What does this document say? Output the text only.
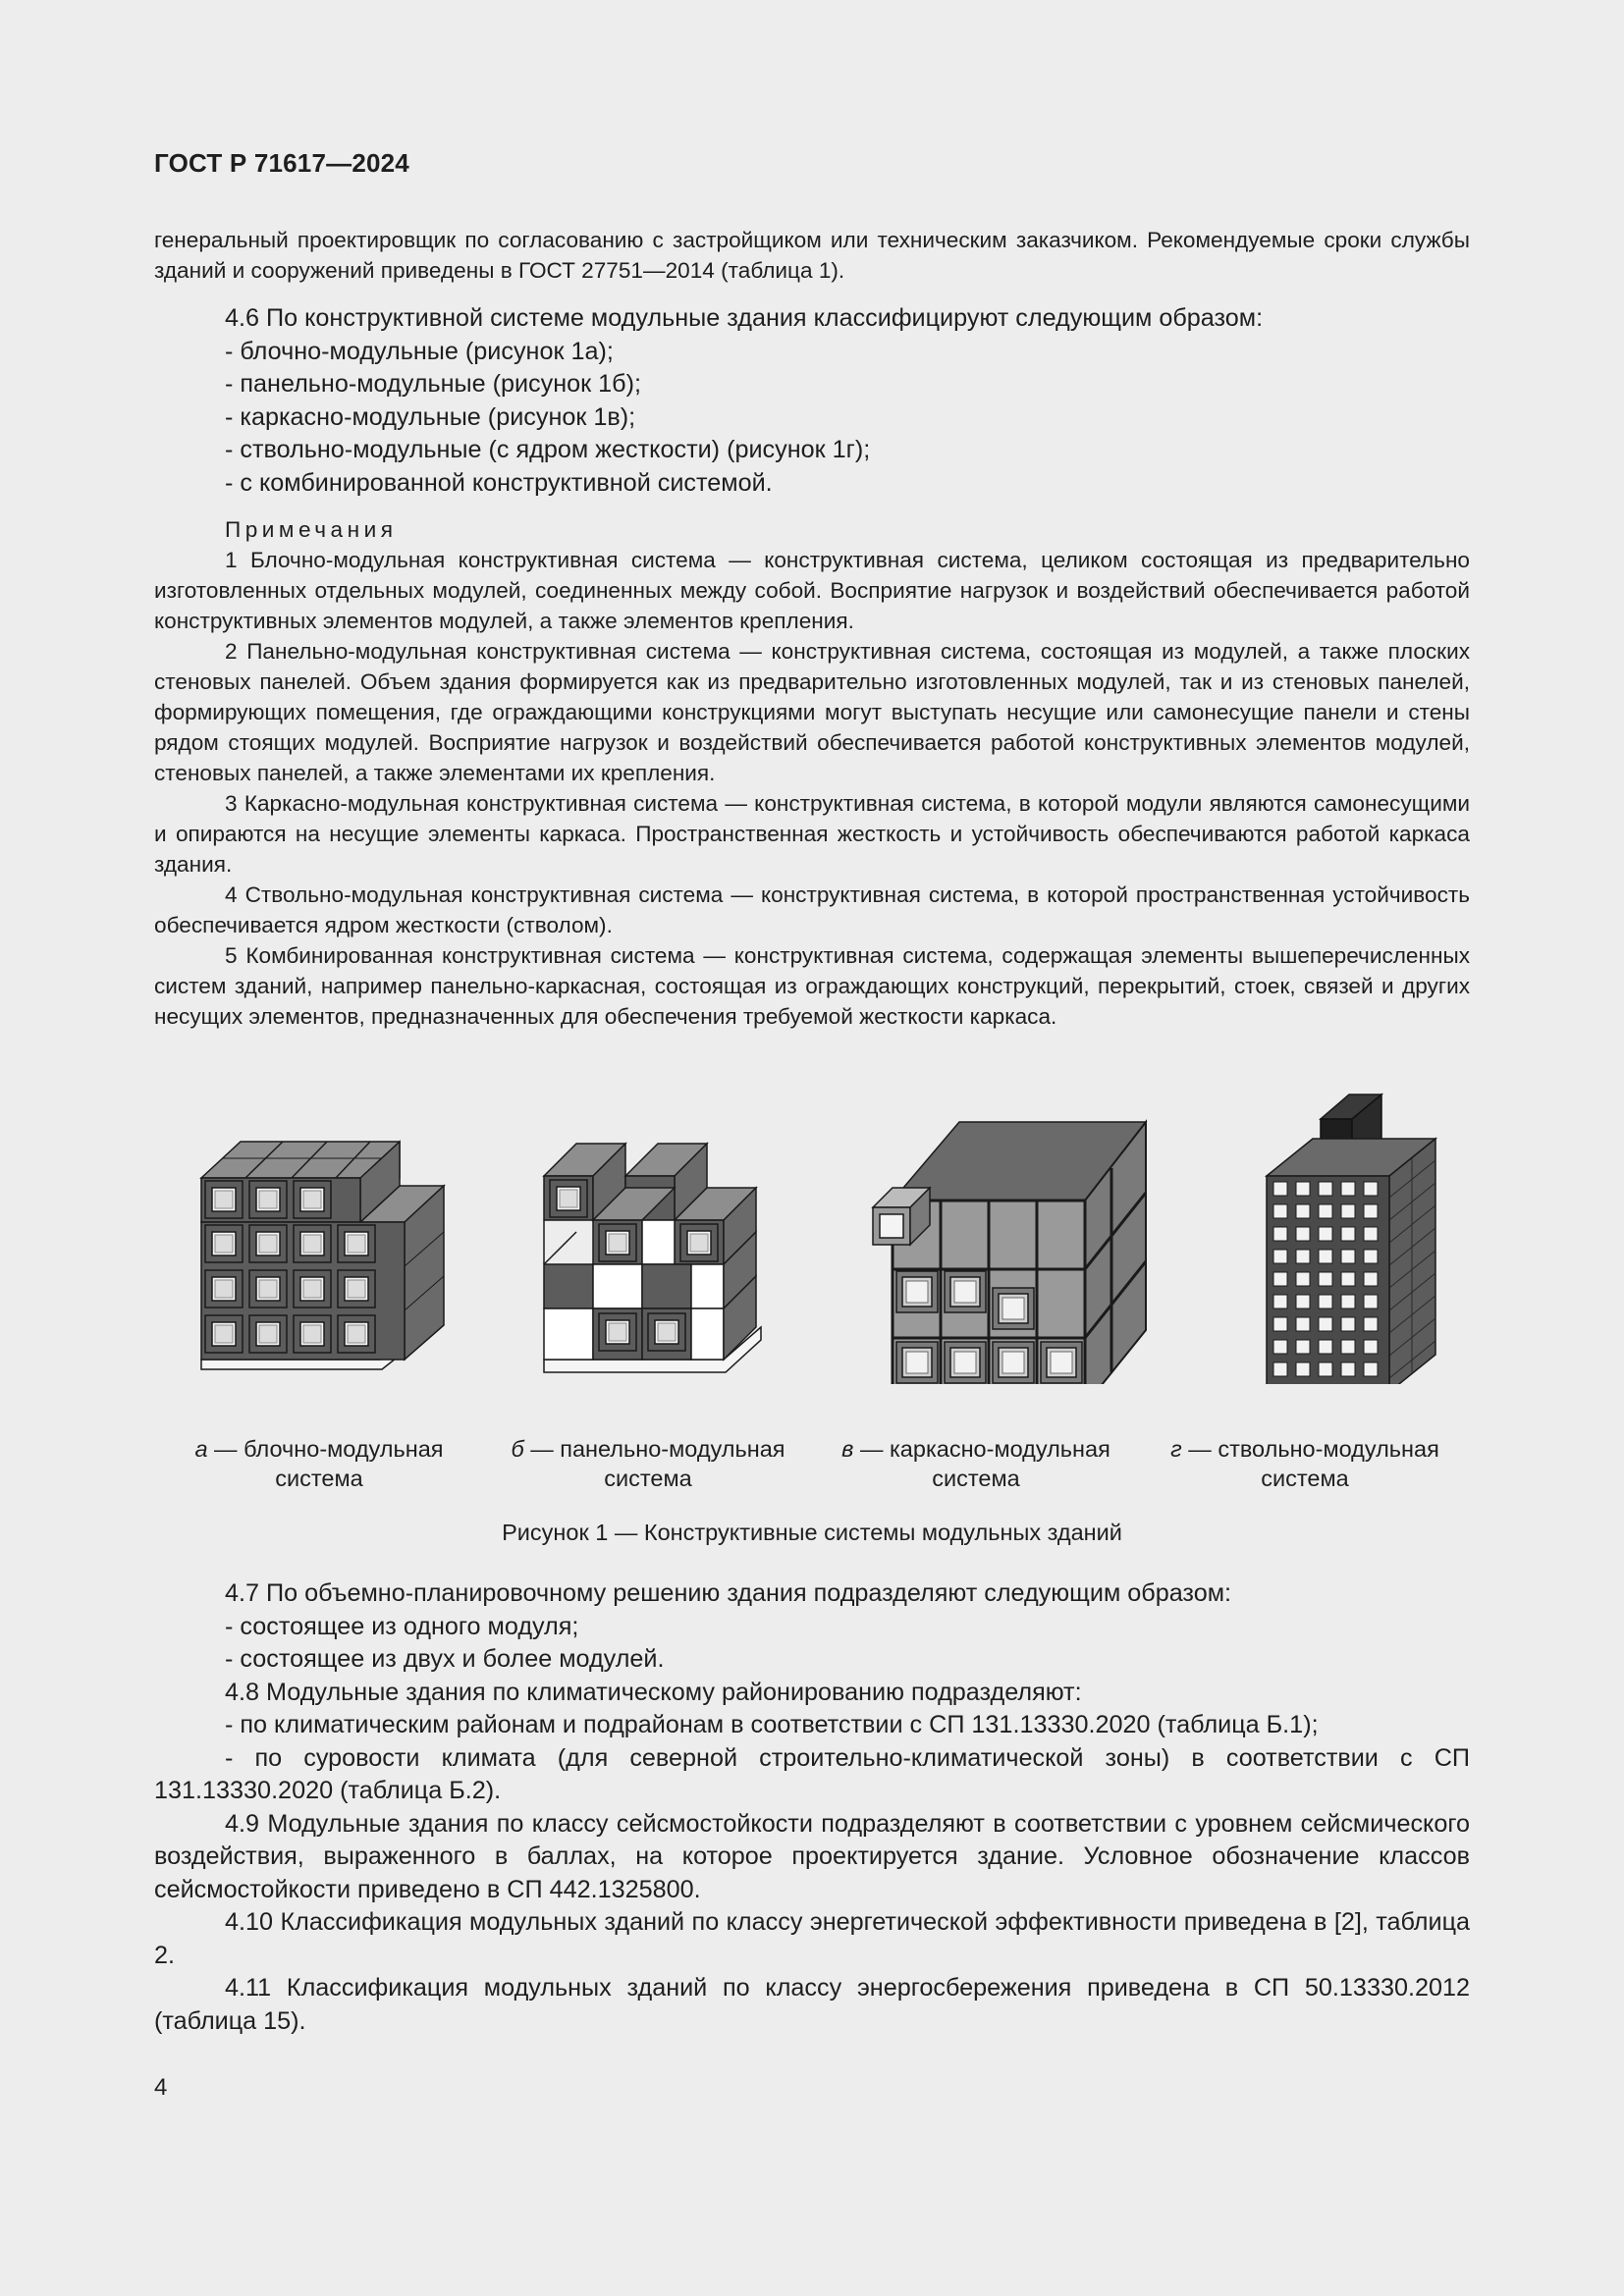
ГОСТ Р 71617—2024

генеральный проектировщик по согласованию с застройщиком или техническим заказчиком. Рекомендуемые сроки службы зданий и сооружений приведены в ГОСТ 27751—2014 (таблица 1).

4.6 По конструктивной системе модульные здания классифицируют следующим образом:

- блочно-модульные (рисунок 1а);

- панельно-модульные (рисунок 1б);

- каркасно-модульные (рисунок 1в);

- ствольно-модульные (с ядром жесткости) (рисунок 1г);

- с комбинированной конструктивной системой.

Примечания

1 Блочно-модульная конструктивная система — конструктивная система, целиком состоящая из предварительно изготовленных отдельных модулей, соединенных между собой. Восприятие нагрузок и воздействий обеспечивается работой конструктивных элементов модулей, а также элементов крепления.

2 Панельно-модульная конструктивная система — конструктивная система, состоящая из модулей, а также плоских стеновых панелей. Объем здания формируется как из предварительно изготовленных модулей, так и из стеновых панелей, формирующих помещения, где ограждающими конструкциями могут выступать несущие или самонесущие панели и стены рядом стоящих модулей. Восприятие нагрузок и воздействий обеспечивается работой конструктивных элементов модулей, стеновых панелей, а также элементами их крепления.

3 Каркасно-модульная конструктивная система — конструктивная система, в которой модули являются самонесущими и опираются на несущие элементы каркаса. Пространственная жесткость и устойчивость обеспечиваются работой каркаса здания.

4 Ствольно-модульная конструктивная система — конструктивная система, в которой пространственная устойчивость обеспечивается ядром жесткости (стволом).

5 Комбинированная конструктивная система — конструктивная система, содержащая элементы вышеперечисленных систем зданий, например панельно-каркасная, состоящая из ограждающих конструкций, перекрытий, стоек, связей и других несущих элементов, предназначенных для обеспечения требуемой жесткости каркаса.

а — блочно-модульная
система
б — панельно-модульная
система
в — каркасно-модульная
система
г — ствольно-модульная
система
Рисунок 1 — Конструктивные системы модульных зданий

4.7 По объемно-планировочному решению здания подразделяют следующим образом:

- состоящее из одного модуля;

- состоящее из двух и более модулей.

4.8 Модульные здания по климатическому районированию подразделяют:

- по климатическим районам и подрайонам в соответствии с СП 131.13330.2020 (таблица Б.1);

- по суровости климата (для северной строительно-климатической зоны) в соответствии с СП 131.13330.2020 (таблица Б.2).

4.9 Модульные здания по классу сейсмостойкости подразделяют в соответствии с уровнем сейсмического воздействия, выраженного в баллах, на которое проектируется здание. Условное обозначение классов сейсмостойкости приведено в СП 442.1325800.

4.10 Классификация модульных зданий по классу энергетической эффективности приведена в [2], таблица 2.

4.11 Классификация модульных зданий по классу энергосбережения приведена в СП 50.13330.2012 (таблица 15).

4
